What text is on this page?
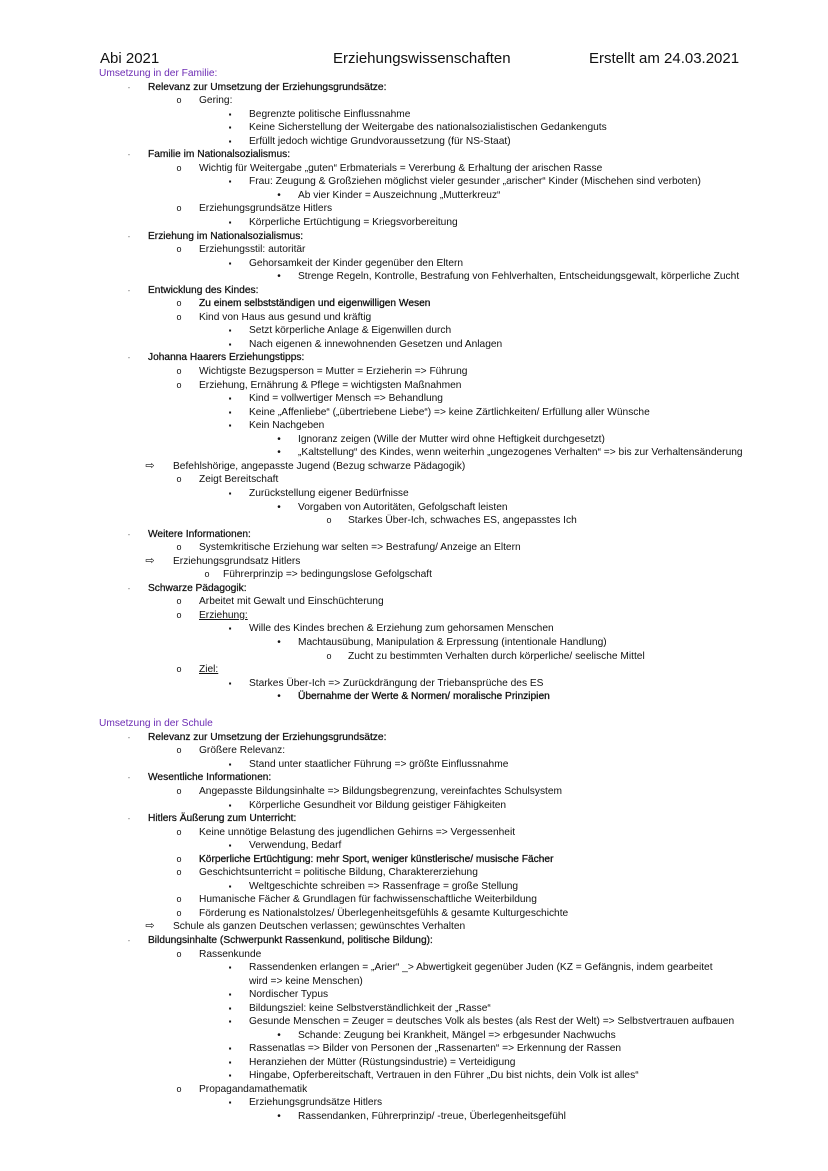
Abi 2021	Erziehungswissenschaften	Erstellt am 24.03.2021
Umsetzung in der Familie:
-	Relevanz zur Umsetzung der Erziehungsgrundsätze:
o	Gering:
▪	Begrenzte politische Einflussnahme
▪	Keine Sicherstellung der Weitergabe des nationalsozialistischen Gedankenguts
▪	Erfüllt jedoch wichtige Grundvoraussetzung (für NS-Staat)
-	Familie im Nationalsozialismus:
o	Wichtig für Weitergabe „guten“ Erbmaterials = Vererbung & Erhaltung der arischen Rasse
▪	Frau: Zeugung & Großziehen möglichst vieler gesunder „arischer“ Kinder (Mischehen sind verboten)
•	Ab vier Kinder = Auszeichnung „Mutterkreuz“
o	Erziehungsgrundsätze Hitlers
▪	Körperliche Ertüchtigung = Kriegsvorbereitung
-	Erziehung im Nationalsozialismus:
o	Erziehungsstil: autoritär
▪	Gehorsamkeit der Kinder gegenüber den Eltern
•	Strenge Regeln, Kontrolle, Bestrafung von Fehlverhalten, Entscheidungsgewalt, körperliche Zucht
-	Entwicklung des Kindes:
o	Zu einem selbstständigen und eigenwilligen Wesen
o	Kind von Haus aus gesund und kräftig
▪	Setzt körperliche Anlage & Eigenwillen durch
▪	Nach eigenen & innewohnenden Gesetzen und Anlagen
-	Johanna Haarers Erziehungstipps:
o	Wichtigste Bezugsperson = Mutter = Erzieherin => Führung
o	Erziehung, Ernährung & Pflege = wichtigsten Maßnahmen
▪	Kind = vollwertiger Mensch => Behandlung
▪	Keine „Affenliebe“ („übertriebene Liebe“) => keine Zärtlichkeiten/ Erfüllung aller Wünsche
▪	Kein Nachgeben
•	Ignoranz zeigen (Wille der Mutter wird ohne Heftigkeit durchgesetzt)
•	„Kaltstellung“ des Kindes, wenn weiterhin „ungezogenes Verhalten“ => bis zur Verhaltensänderung
⇨ Befehlshörige, angepasste Jugend (Bezug schwarze Pädagogik)
o	Zeigt Bereitschaft
▪	Zurückstellung eigener Bedürfnisse
•	Vorgaben von Autoritäten, Gefolgschaft leisten
o	Starkes Über-Ich, schwaches ES, angepasstes Ich
-	Weitere Informationen:
o	Systemkritische Erziehung war selten => Bestrafung/ Anzeige an Eltern
⇨ Erziehungsgrundsatz Hitlers
o	Führerprinzip => bedingungslose Gefolgschaft
-	Schwarze Pädagogik:
o	Arbeitet mit Gewalt und Einschüchterung
o	Erziehung:
▪	Wille des Kindes brechen & Erziehung zum gehorsamen Menschen
•	Machtausübung, Manipulation & Erpressung (intentionale Handlung)
o	Zucht zu bestimmten Verhalten durch körperliche/ seelische Mittel
o	Ziel:
▪	Starkes Über-Ich => Zurückdrängung der Triebansprüche des ES
•	Übernahme der Werte & Normen/ moralische Prinzipien
Umsetzung in der Schule
-	Relevanz zur Umsetzung der Erziehungsgrundsätze:
o	Größere Relevanz:
▪	Stand unter staatlicher Führung => größte Einflussnahme
-	Wesentliche Informationen:
o	Angepasste Bildungsinhalte => Bildungsbegrenzung, vereinfachtes Schulsystem
▪	Körperliche Gesundheit vor Bildung geistiger Fähigkeiten
-	Hitlers Äußerung zum Unterricht:
o	Keine unnötige Belastung des jugendlichen Gehirns => Vergessenheit
▪	Verwendung, Bedarf
o	Körperliche Ertüchtigung: mehr Sport, weniger künstlerische/ musische Fächer
o	Geschichtsunterricht = politische Bildung, Charaktererziehung
▪	Weltgeschichte schreiben => Rassenfrage = große Stellung
o	Humanische Fächer & Grundlagen für fachwissenschaftliche Weiterbildung
o	Förderung es Nationalstolzes/ Überlegenheitsgefühls & gesamte Kulturgeschichte
⇨ Schule als ganzen Deutschen verlassen; gewünschtes Verhalten
-	Bildungsinhalte (Schwerpunkt Rassenkund, politische Bildung):
o	Rassenkunde
▪	Rassendenken erlangen = „Arier“ _> Abwertigkeit gegenüber Juden (KZ = Gefängnis, indem gearbeitet wird => keine Menschen)
▪	Nordischer Typus
▪	Bildungsziel: keine Selbstverständlichkeit der „Rasse“
▪	Gesunde Menschen = Zeuger = deutsches Volk als bestes (als Rest der Welt) => Selbstvertrauen aufbauen
•	Schande: Zeugung bei Krankheit, Mängel => erbgesunder Nachwuchs
▪	Rassenatlas => Bilder von Personen der „Rassenarten“ => Erkennung der Rassen
▪	Heranziehen der Mütter (Rüstungsindustrie) = Verteidigung
▪	Hingabe, Opferbereitschaft, Vertrauen in den Führer „Du bist nichts, dein Volk ist alles“
o	Propagandamathematik
▪	Erziehungsgrundsätze Hitlers
•	Rassendanken, Führerprinzip/ -treue, Überlegenheitsgefühl
